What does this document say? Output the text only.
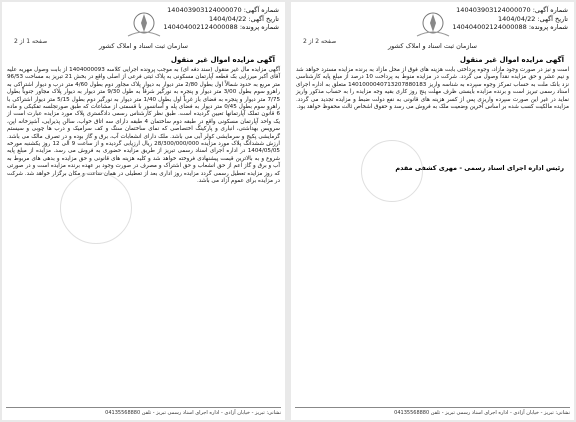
شماره آگهی: 140403903124000070
تاریخ آگهی: 1404/04/22
شماره پرونده: 140404002124000088
صفحه 1 از 2
سازمان ثبت اسناد و املاک کشور
آگهی مزایده اموال غیر منقول
آگهی مزایده مال غیر منقول (سند دفه ای) به موجب پرونده اجرایی کلاسه 1404000093 از بابت وصول مهریه علیه آقای آکبر میرزایی بک قطعه آپارتمان مسکونی به پلاک ثبتی فرعی از اصلی واقع در بخش 21 تبریز به مساحت 96/53 متر مربع به حدود شمالاً اول بطول 2/80 متر دیوار به دیوار پلاک مجاور دوم بطول 4/60 متر درب و دیوار اشتراکی به راهرو سوم بطول 3/00 متر دیوار و پنجره به نورگیر شرقاً به طول 9/30 متر دیوار به دیوار پلاک مجاور جنوباً بطول 7/75 متر دیوار و پنجره به فضای باز غرباً اول بطول 1/40 متر دیوار به نورگیر دوم بطول 5/15 متر دیوار اشتراکی با راهرو سوم بطول 0/45 متر دیوار به فضای پله و آسانسور با قسمتی از مشاعات که طبق صورتجلسه تفکیکی و ماده 6 قانون تملک آپارتمانها تعیین گردیده است. طبق نظر کارشناس رسمی دادگستری پلاک مورد مزایده عبارت است از یک واحد آپارتمان مسکونی واقع در طبقه دوم ساختمان 4 طبقه دارای سه اتاق خواب، سالن پذیرایی، آشپزخانه اپن، سرویس بهداشتی، انباری و پارکینگ اختصاصی که نمای ساختمان سنگ و کف سرامیک و درب ها چوبی و سیستم گرمایشی پکیج و سرمایشی کولر آبی می باشد. ملک دارای انشعابات آب، برق و گاز بوده و در تصرف مالک می باشد. ارزش ششدانگ پلاک مورد مزایده 28/300/000/000 ریال ارزیابی گردیده و از ساعت 9 الی 12 روز یکشنبه مورخه 1404/05/05 در اداره اجرای اسناد رسمی تبریز از طریق مزایده حضوری به فروش می رسد. مزایده از مبلغ پایه شروع و به بالاترین قیمت پیشنهادی فروخته خواهد شد و کلیه هزینه های قانونی و حق مزایده و بدهی های مربوط به آب و برق و گاز اعم از حق انشعاب و حق اشتراک و مصرف در صورت وجود بر عهده برنده مزایده است و در صورتی که روز مزایده تعطیل رسمی گردد مزایده روز اداری بعد از تعطیلی در همان ساعت و مکان برگزار خواهد شد. شرکت در مزایده برای عموم آزاد می باشد.
نشانی: تبریز - خیابان آزادی - اداره اجرای اسناد رسمی تبریز - تلفن 04135568880
شماره آگهی: 140403903124000070
تاریخ آگهی: 1404/04/22
شماره پرونده: 140404002124000088
صفحه 2 از 2
سازمان ثبت اسناد و املاک کشور
آگهی مزایده اموال غیر منقول
است و نیز در صورت وجود مازاد، وجوه پرداختی بابت هزینه های فوق از محل مازاد به برنده مزایده مسترد خواهد شد و نیم عشر و حق مزایده نقداً وصول می گردد. شرکت در مزایده منوط به پرداخت 10 درصد از مبلغ پایه کارشناسی نزد بانک ملت به حساب تمرکز وجوه سپرده به شناسه واریز 1401000040713207880183 متعلق به اداره اجرای اسناد رسمی تبریز است و برنده مزایده بایستی ظرف مهلت پنج روز کاری بقیه وجه مزایده را به حساب مذکور واریز نماید در غیر این صورت سپرده واریزی پس از کسر هزینه های قانونی به نفع دولت ضبط و مزایده تجدید می گردد. مزایده مالکیت کسب شده بر اساس آخرین وضعیت ملک به فروش می رسد و حقوق اشخاص ثالث محفوظ خواهد بود.
رئیس اداره اجرای اسناد رسمی - مهری کشفی مقدم
نشانی: تبریز - خیابان آزادی - اداره اجرای اسناد رسمی تبریز - تلفن 04135568880
